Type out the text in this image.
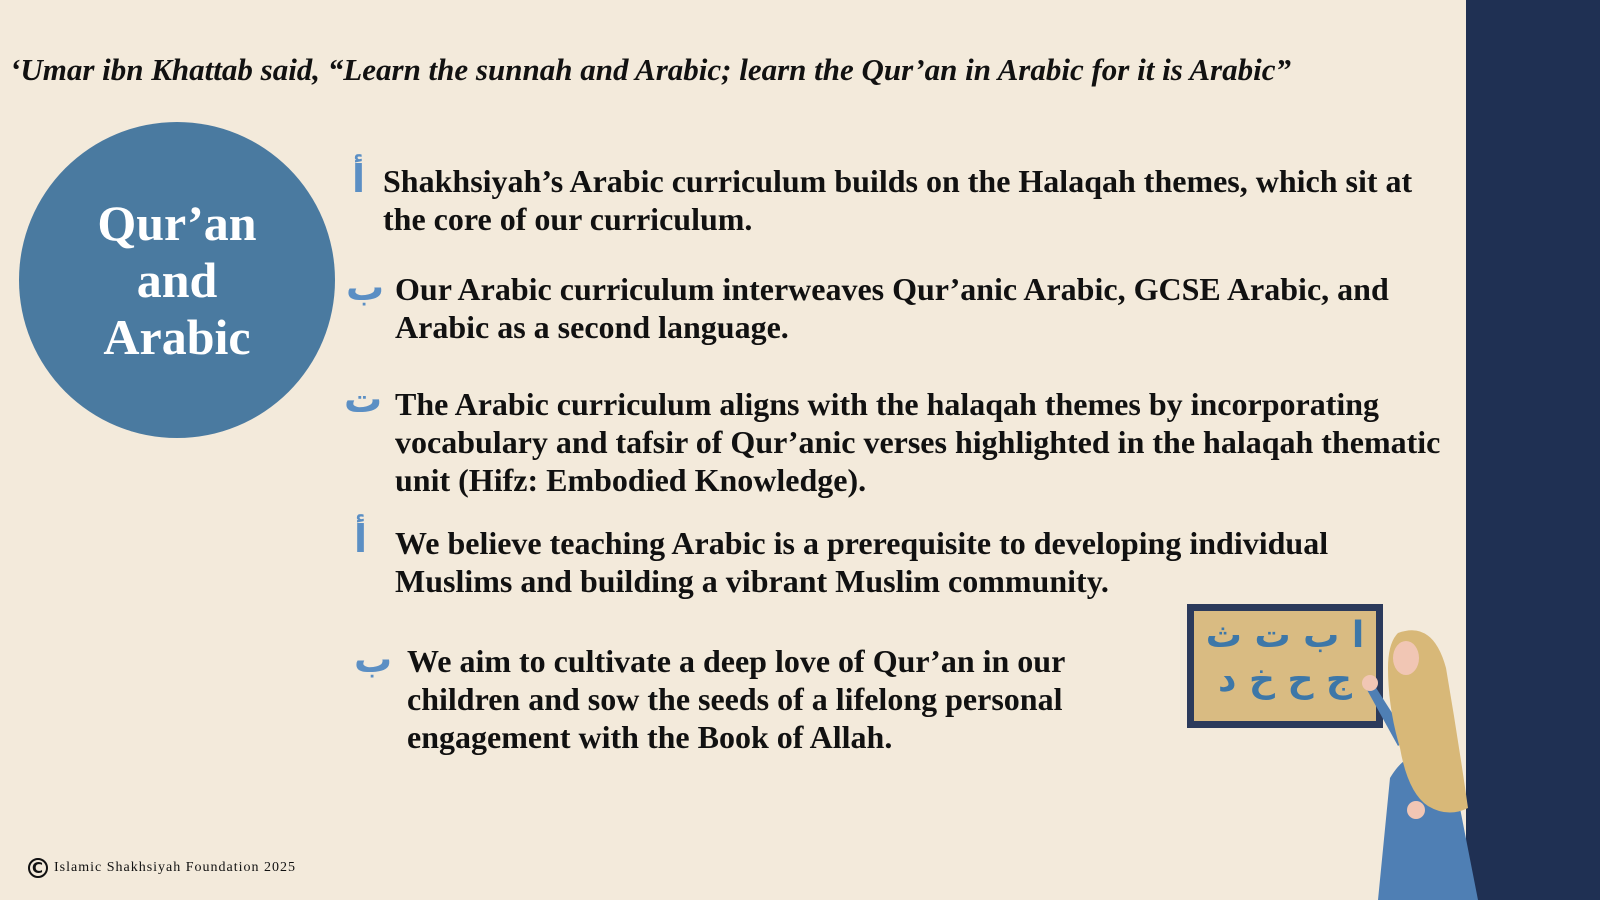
‘Umar ibn Khattab said, “Learn the sunnah and Arabic; learn the Qur’an in Arabic for it is Arabic”
Qur’an
and
Arabic
أ Shakhsiyah’s Arabic curriculum builds on the Halaqah themes, which sit at the core of our curriculum.
ب Our Arabic curriculum interweaves Qur’anic Arabic, GCSE Arabic, and Arabic as a second language.
ت The Arabic curriculum aligns with the halaqah themes by incorporating vocabulary and tafsir of Qur’anic verses highlighted in the halaqah thematic unit (Hifz: Embodied Knowledge).
أ We believe teaching Arabic is a prerequisite to developing individual Muslims and building a vibrant Muslim community.
ب We aim to cultivate a deep love of Qur’an in our children and sow the seeds of a lifelong personal engagement with the Book of Allah.
ا ب ت ث
ج ح خ د
C Islamic Shakhsiyah Foundation 2025
